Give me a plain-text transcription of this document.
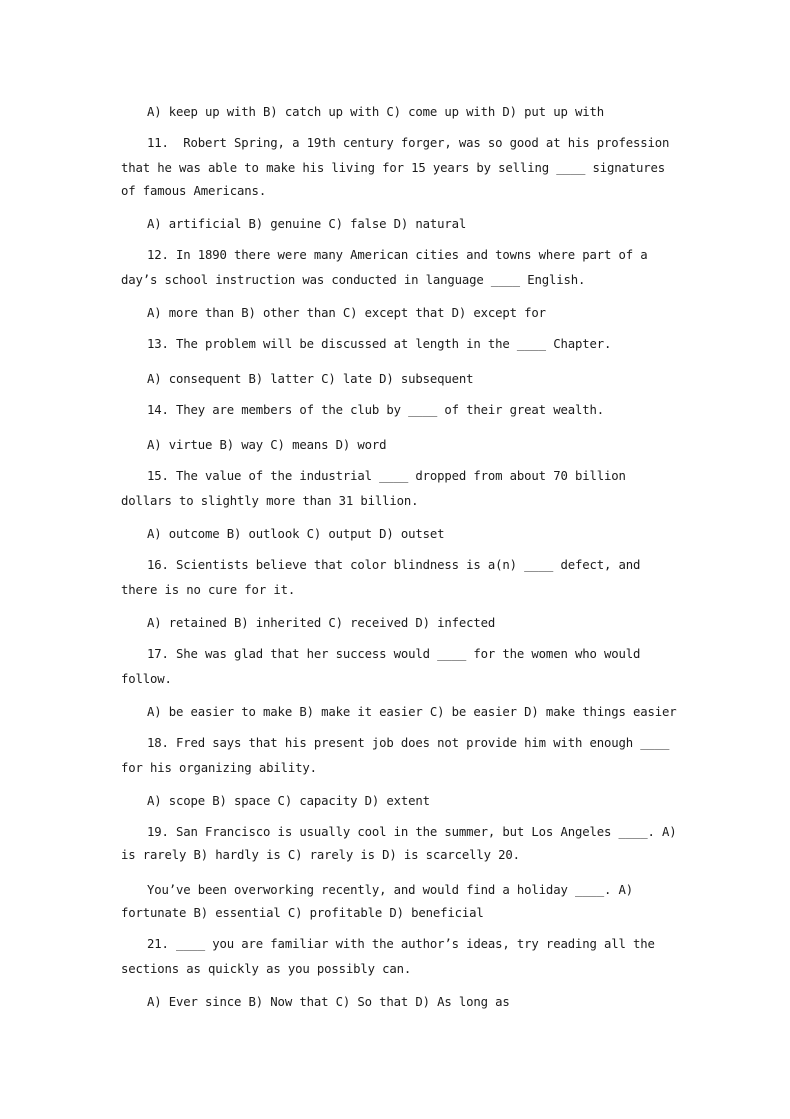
A) keep up with B) catch up with C) come up with D) put up with
11.  Robert Spring, a 19th century forger, was so good at his profession
that he was able to make his living for 15 years by selling ____ signatures
of famous Americans.
A) artificial B) genuine C) false D) natural
12. In 1890 there were many American cities and towns where part of a
day’s school instruction was conducted in language ____ English.
A) more than B) other than C) except that D) except for
13. The problem will be discussed at length in the ____ Chapter.
A) consequent B) latter C) late D) subsequent
14. They are members of the club by ____ of their great wealth.
A) virtue B) way C) means D) word
15. The value of the industrial ____ dropped from about 70 billion
dollars to slightly more than 31 billion.
A) outcome B) outlook C) output D) outset
16. Scientists believe that color blindness is a(n) ____ defect, and
there is no cure for it.
A) retained B) inherited C) received D) infected
17. She was glad that her success would ____ for the women who would
follow.
A) be easier to make B) make it easier C) be easier D) make things easier
18. Fred says that his present job does not provide him with enough ____
for his organizing ability.
A) scope B) space C) capacity D) extent
19. San Francisco is usually cool in the summer, but Los Angeles ____. A)
is rarely B) hardly is C) rarely is D) is scarcelly 20.
You’ve been overworking recently, and would find a holiday ____. A)
fortunate B) essential C) profitable D) beneficial
21. ____ you are familiar with the author’s ideas, try reading all the
sections as quickly as you possibly can.
A) Ever since B) Now that C) So that D) As long as
